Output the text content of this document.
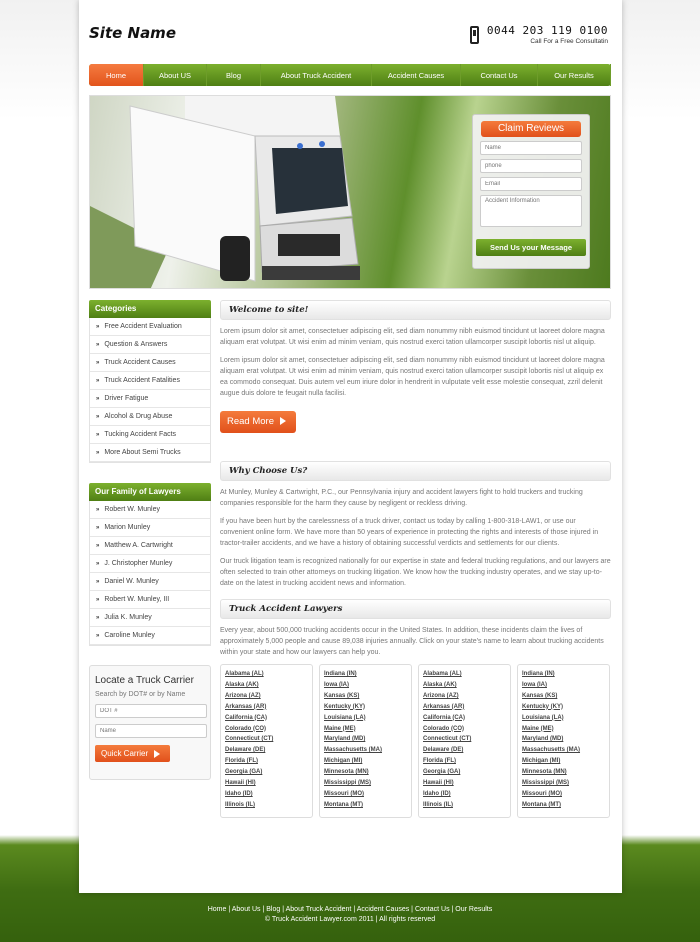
Site Name	0044 203 119 0100
Call For a Free Consultatin
Home	About US	Blog	About Truck Accident	Accident Causes	Contact Us	Our Results
Claim Reviews
Name
phone
Email
Accident Information
Send Us your Message
Categories
» Free Accident Evaluation
» Question & Answers
» Truck Accident Causes
» Truck Accident Fatalities
» Driver Fatigue
» Alcohol & Drug Abuse
» Tucking Accident Facts
» More About Semi Trucks
Our Family of Lawyers
» Robert W. Munley
» Marion Munley
» Matthew A. Cartwright
» J. Christopher Munley
» Daniel W. Munley
» Robert W. Munley, III
» Julia K. Munley
» Caroline Munley
Locate a Truck Carrier
Search by DOT# or by Name
DOT #
Name
Quick Carrier
Welcome to site!

Lorem ipsum dolor sit amet, consectetuer adipiscing elit, sed diam nonummy nibh euismod tincidunt ut laoreet dolore magna aliquam erat volutpat. Ut wisi enim ad minim veniam, quis nostrud exerci tation ullamcorper suscipit lobortis nisl ut aliquip.

Lorem ipsum dolor sit amet, consectetuer adipiscing elit, sed diam nonummy nibh euismod tincidunt ut laoreet dolore magna aliquam erat volutpat. Ut wisi enim ad minim veniam, quis nostrud exerci tation ullamcorper suscipit lobortis nisl ut aliquip ex ea commodo consequat. Duis autem vel eum iriure dolor in hendrerit in vulputate velit esse molestie consequat, zzril delenit augue duis dolore te feugait nulla facilisi.

Read More
Why Choose Us?

At Munley, Munley & Cartwright, P.C., our Pennsylvania injury and accident lawyers fight to hold truckers and trucking companies responsible for the harm they cause by negligent or reckless driving.

If you have been hurt by the carelessness of a truck driver, contact us today by calling 1-800-318-LAW1, or use our convenient online form. We have more than 50 years of experience in protecting the rights and interests of those injured in tractor-trailer accidents, and we have a history of obtaining successful verdicts and settlements for our clients.

Our truck litigation team is recognized nationally for our expertise in state and federal trucking regulations, and our lawyers are often selected to train other attorneys on trucking litigation. We know how the trucking industry operates, and we stay up-to-date on the latest in trucking accident news and information.

Truck Accident Lawyers

Every year, about 500,000 trucking accidents occur in the United States. In addition, these incidents claim the lives of approximately 5,000 people and cause 89,038 injuries annually. Click on your state's name to learn about trucking accidents within your state and how our lawyers can help you.

Alabama (AL)
Alaska (AK)
Arizona (AZ)
Arkansas (AR)
California (CA)
Colorado (CO)
Connecticut (CT)
Delaware (DE)
Florida (FL)
Georgia (GA)
Hawaii (HI)
Idaho (ID)
Illinois (IL)
Indiana (IN)
Iowa (IA)
Kansas (KS)
Kentucky (KY)
Louisiana (LA)
Maine (ME)
Maryland (MD)
Massachusetts (MA)
Michigan (MI)
Minnesota (MN)
Mississippi (MS)
Missouri (MO)
Montana (MT)
Alabama (AL)
Alaska (AK)
Arizona (AZ)
Arkansas (AR)
California (CA)
Colorado (CO)
Connecticut (CT)
Delaware (DE)
Florida (FL)
Georgia (GA)
Hawaii (HI)
Idaho (ID)
Illinois (IL)
Indiana (IN)
Iowa (IA)
Kansas (KS)
Kentucky (KY)
Louisiana (LA)
Maine (ME)
Maryland (MD)
Massachusetts (MA)
Michigan (MI)
Minnesota (MN)
Mississippi (MS)
Missouri (MO)
Montana (MT)
Home | About Us | Blog | About Truck Accident | Accident Causes | Contact Us | Our Results
© Truck Accident Lawyer.com 2011 | All rights reserved
